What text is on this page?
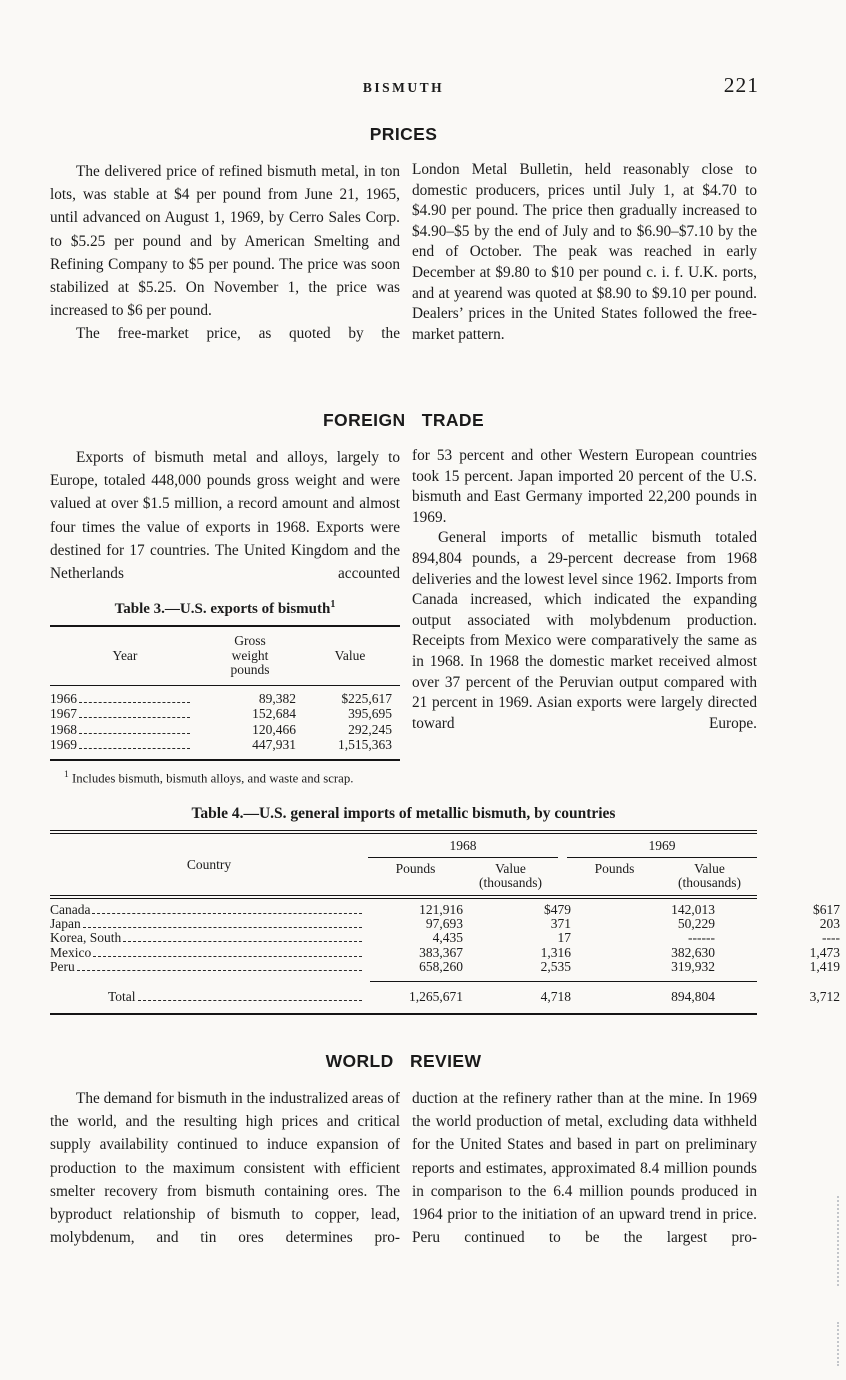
BISMUTH	221
PRICES

The delivered price of refined bismuth metal, in ton lots, was stable at $4 per pound from June 21, 1965, until advanced on August 1, 1969, by Cerro Sales Corp. to $5.25 per pound and by American Smelting and Refining Company to $5 per pound. The price was soon stabilized at $5.25. On November 1, the price was increased to $6 per pound.

The free-market price, as quoted by the

London Metal Bulletin, held reasonably close to domestic producers, prices until July 1, at $4.70 to $4.90 per pound. The price then gradually increased to $4.90–$5 by the end of July and to $6.90–$7.10 by the end of October. The peak was reached in early December at $9.80 to $10 per pound c. i. f. U.K. ports, and at yearend was quoted at $8.90 to $9.10 per pound. Dealers’ prices in the United States followed the free-market pattern.

FOREIGN TRADE

Exports of bismuth metal and alloys, largely to Europe, totaled 448,000 pounds gross weight and were valued at over $1.5 million, a record amount and almost four times the value of exports in 1968. Exports were destined for 17 countries. The United Kingdom and the Netherlands accounted

Table 3.—U.S. exports of bismuth$^1$
Year
Gross
weight
pounds
Value
1966	89,382	$225,617
1967	152,684	395,695
1968	120,466	292,245
1969	447,931	1,515,363
$^1$ Includes bismuth, bismuth alloys, and waste and scrap.

for 53 percent and other Western European countries took 15 percent. Japan imported 20 percent of the U.S. bismuth and East Germany imported 22,200 pounds in 1969.

General imports of metallic bismuth totaled 894,804 pounds, a 29-percent decrease from 1968 deliveries and the lowest level since 1962. Imports from Canada increased, which indicated the expanding output associated with molybdenum production. Receipts from Mexico were comparatively the same as in 1968. In 1968 the domestic market received almost over 37 percent of the Peruvian output compared with 21 percent in 1969. Asian exports were largely directed toward Europe.

Table 4.—U.S. general imports of metallic bismuth, by countries
Country
1968
Pounds	Value
(thousands)
1969
Pounds	Value
(thousands)
Canada	121,916	$479	142,013	$617
Japan	97,693	371	50,229	203
Korea, South	4,435	17	------	----
Mexico	383,367	1,316	382,630	1,473
Peru	658,260	2,535	319,932	1,419
Total	1,265,671	4,718	894,804	3,712
WORLD REVIEW

The demand for bismuth in the industralized areas of the world, and the resulting high prices and critical supply availability continued to induce expansion of production to the maximum consistent with efficient smelter recovery from bismuth containing ores. The byproduct relationship of bismuth to copper, lead, molybdenum, and tin ores determines pro-

duction at the refinery rather than at the mine. In 1969 the world production of metal, excluding data withheld for the United States and based in part on preliminary reports and estimates, approximated 8.4 million pounds in comparison to the 6.4 million pounds produced in 1964 prior to the initiation of an upward trend in price. Peru continued to be the largest pro-
